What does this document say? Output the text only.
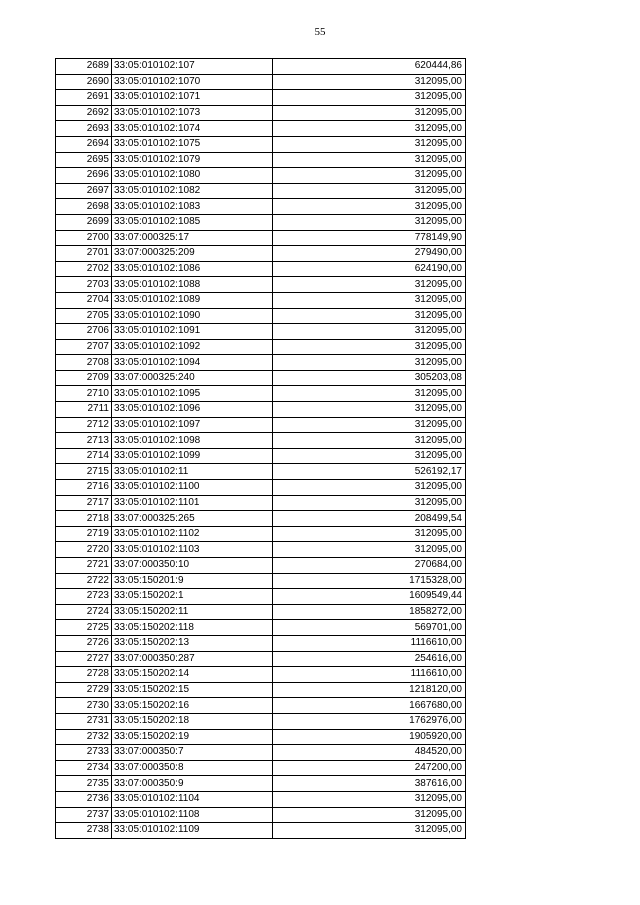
55
2689	33:05:010102:107	620444,86
2690	33:05:010102:1070	312095,00
2691	33:05:010102:1071	312095,00
2692	33:05:010102:1073	312095,00
2693	33:05:010102:1074	312095,00
2694	33:05:010102:1075	312095,00
2695	33:05:010102:1079	312095,00
2696	33:05:010102:1080	312095,00
2697	33:05:010102:1082	312095,00
2698	33:05:010102:1083	312095,00
2699	33:05:010102:1085	312095,00
2700	33:07:000325:17	778149,90
2701	33:07:000325:209	279490,00
2702	33:05:010102:1086	624190,00
2703	33:05:010102:1088	312095,00
2704	33:05:010102:1089	312095,00
2705	33:05:010102:1090	312095,00
2706	33:05:010102:1091	312095,00
2707	33:05:010102:1092	312095,00
2708	33:05:010102:1094	312095,00
2709	33:07:000325:240	305203,08
2710	33:05:010102:1095	312095,00
2711	33:05:010102:1096	312095,00
2712	33:05:010102:1097	312095,00
2713	33:05:010102:1098	312095,00
2714	33:05:010102:1099	312095,00
2715	33:05:010102:11	526192,17
2716	33:05:010102:1100	312095,00
2717	33:05:010102:1101	312095,00
2718	33:07:000325:265	208499,54
2719	33:05:010102:1102	312095,00
2720	33:05:010102:1103	312095,00
2721	33:07:000350:10	270684,00
2722	33:05:150201:9	1715328,00
2723	33:05:150202:1	1609549,44
2724	33:05:150202:11	1858272,00
2725	33:05:150202:118	569701,00
2726	33:05:150202:13	1116610,00
2727	33:07:000350:287	254616,00
2728	33:05:150202:14	1116610,00
2729	33:05:150202:15	1218120,00
2730	33:05:150202:16	1667680,00
2731	33:05:150202:18	1762976,00
2732	33:05:150202:19	1905920,00
2733	33:07:000350:7	484520,00
2734	33:07:000350:8	247200,00
2735	33:07:000350:9	387616,00
2736	33:05:010102:1104	312095,00
2737	33:05:010102:1108	312095,00
2738	33:05:010102:1109	312095,00
